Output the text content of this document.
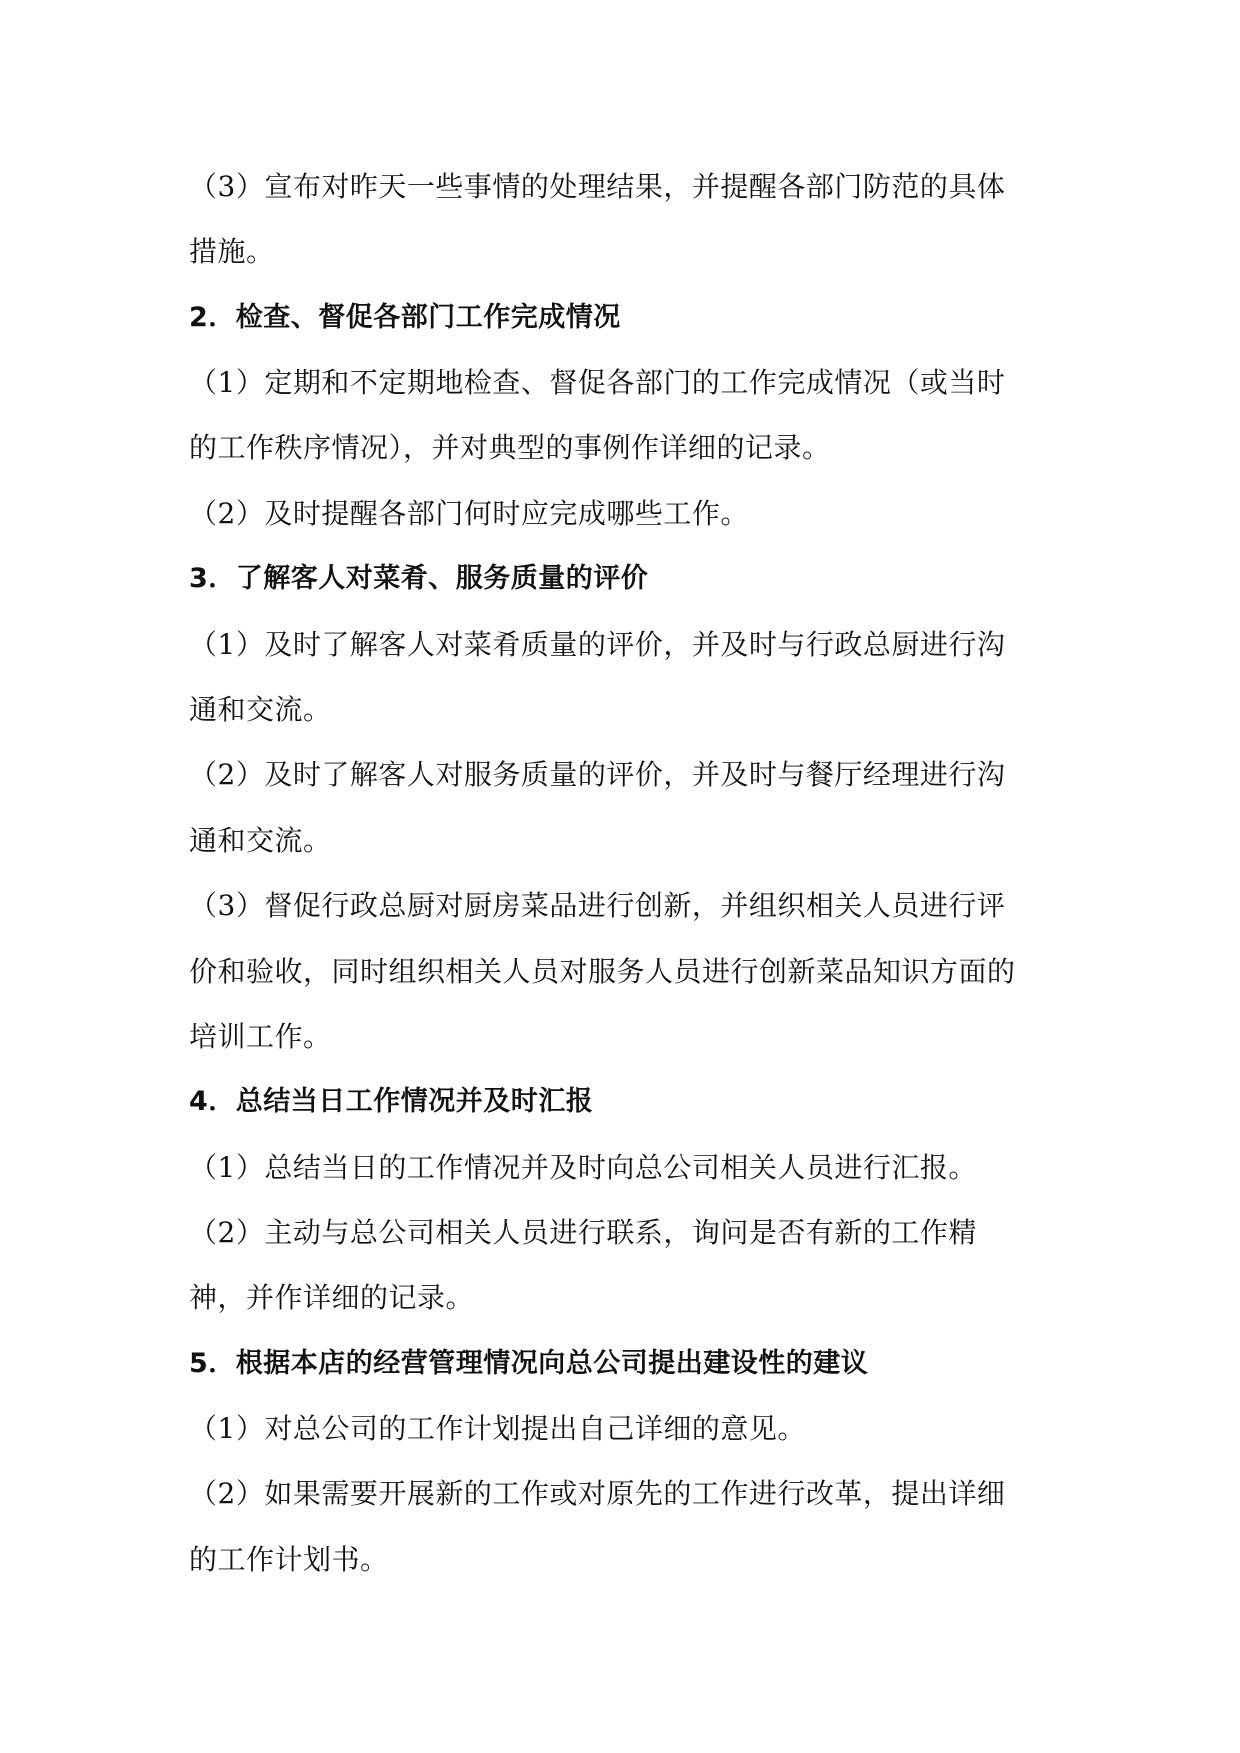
（3）宣布对昨天一些事情的处理结果，并提醒各部门防范的具体
措施。
2．检查、督促各部门工作完成情况
（1）定期和不定期地检查、督促各部门的工作完成情况（或当时
的工作秩序情况），并对典型的事例作详细的记录。
（2）及时提醒各部门何时应完成哪些工作。
3．了解客人对菜肴、服务质量的评价
（1）及时了解客人对菜肴质量的评价，并及时与行政总厨进行沟
通和交流。
（2）及时了解客人对服务质量的评价，并及时与餐厅经理进行沟
通和交流。
（3）督促行政总厨对厨房菜品进行创新，并组织相关人员进行评
价和验收，同时组织相关人员对服务人员进行创新菜品知识方面的
培训工作。
4．总结当日工作情况并及时汇报
（1）总结当日的工作情况并及时向总公司相关人员进行汇报。
（2）主动与总公司相关人员进行联系，询问是否有新的工作精
神，并作详细的记录。
5．根据本店的经营管理情况向总公司提出建设性的建议
（1）对总公司的工作计划提出自己详细的意见。
（2）如果需要开展新的工作或对原先的工作进行改革，提出详细
的工作计划书。
